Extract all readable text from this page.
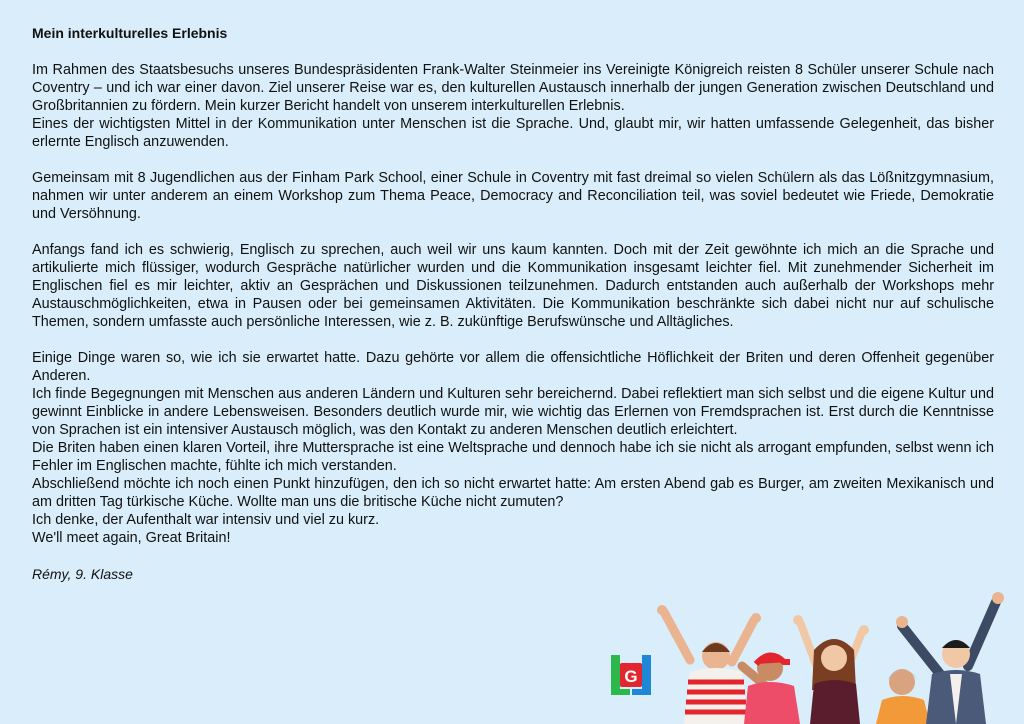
Mein interkulturelles Erlebnis

Im Rahmen des Staatsbesuchs unseres Bundespräsidenten Frank-Walter Steinmeier ins Vereinigte Königreich reisten 8 Schüler unserer Schule nach Coventry – und ich war einer davon. Ziel unserer Reise war es, den kulturellen Austausch innerhalb der jungen Generation zwischen Deutschland und Großbritannien zu fördern. Mein kurzer Bericht handelt von unserem interkulturellen Erlebnis.

Eines der wichtigsten Mittel in der Kommunikation unter Menschen ist die Sprache. Und, glaubt mir, wir hatten umfassende Gelegenheit, das bisher erlernte Englisch anzuwenden.

Gemeinsam mit 8 Jugendlichen aus der Finham Park School, einer Schule in Coventry mit fast dreimal so vielen Schülern als das Lößnitzgymnasium, nahmen wir unter anderem an einem Workshop zum Thema Peace, Democracy and Reconciliation teil, was soviel bedeutet wie Friede, Demokratie und Versöhnung.

Anfangs fand ich es schwierig, Englisch zu sprechen, auch weil wir uns kaum kannten. Doch mit der Zeit gewöhnte ich mich an die Sprache und artikulierte mich flüssiger, wodurch Gespräche natürlicher wurden und die Kommunikation insgesamt leichter fiel. Mit zunehmender Sicherheit im Englischen fiel es mir leichter, aktiv an Gesprächen und Diskussionen teilzunehmen. Dadurch entstanden auch außerhalb der Workshops mehr Austauschmöglichkeiten, etwa in Pausen oder bei gemeinsamen Aktivitäten. Die Kommunikation beschränkte sich dabei nicht nur auf schulische Themen, sondern umfasste auch persönliche Interessen, wie z. B. zukünftige Berufswünsche und Alltägliches.

Einige Dinge waren so, wie ich sie erwartet hatte. Dazu gehörte vor allem die offensichtliche Höflichkeit der Briten und deren Offenheit gegenüber Anderen.

Ich finde Begegnungen mit Menschen aus anderen Ländern und Kulturen sehr bereichernd. Dabei reflektiert man sich selbst und die eigene Kultur und gewinnt Einblicke in andere Lebensweisen. Besonders deutlich wurde mir, wie wichtig das Erlernen von Fremdsprachen ist. Erst durch die Kenntnisse von Sprachen ist ein intensiver Austausch möglich, was den Kontakt zu anderen Menschen deutlich erleichtert.

Die Briten haben einen klaren Vorteil, ihre Muttersprache ist eine Weltsprache und dennoch habe ich sie nicht als arrogant empfunden, selbst wenn ich Fehler im Englischen machte, fühlte ich mich verstanden.

Abschließend möchte ich noch einen Punkt hinzufügen, den ich so nicht erwartet hatte: Am ersten Abend gab es Burger, am zweiten Mexikanisch und am dritten Tag türkische Küche. Wollte man uns die britische Küche nicht zumuten?

Ich denke, der Aufenthalt war intensiv und viel zu kurz.

We'll meet again, Great Britain!

Rémy, 9. Klasse
G
